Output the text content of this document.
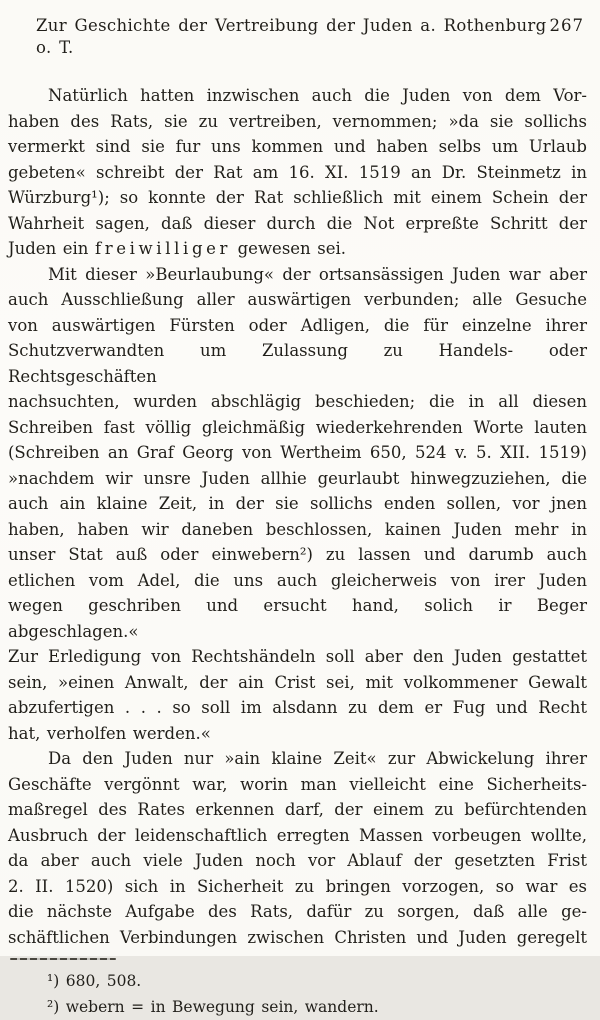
Zur Geschichte der Vertreibung der Juden a. Rothenburg o. T.
267
Natürlich hatten inzwischen auch die Juden von dem Vor-
haben des Rats, sie zu vertreiben, vernommen; »da sie sollichs
vermerkt sind sie fur uns kommen und haben selbs um Urlaub
gebeten« schreibt der Rat am 16. XI. 1519 an Dr. Steinmetz in
Würzburg¹); so konnte der Rat schließlich mit einem Schein der
Wahrheit sagen, daß dieser durch die Not erpreßte Schritt der
Juden ein freiwilliger gewesen sei.
Mit dieser »Beurlaubung« der ortsansässigen Juden war aber
auch Ausschließung aller auswärtigen verbunden; alle Gesuche
von auswärtigen Fürsten oder Adligen, die für einzelne ihrer
Schutzverwandten um Zulassung zu Handels- oder Rechtsgeschäften
nachsuchten, wurden abschlägig beschieden; die in all diesen
Schreiben fast völlig gleichmäßig wiederkehrenden Worte lauten
(Schreiben an Graf Georg von Wertheim 650, 524 v. 5. XII. 1519)
»nachdem wir unsre Juden allhie geurlaubt hinwegzuziehen, die
auch ain klaine Zeit, in der sie sollichs enden sollen, vor jnen
haben, haben wir daneben beschlossen, kainen Juden mehr in
unser Stat auß oder einwebern²) zu lassen und darumb auch
etlichen vom Adel, die uns auch gleicherweis von irer Juden
wegen geschriben und ersucht hand, solich ir Beger abgeschlagen.«
Zur Erledigung von Rechtshändeln soll aber den Juden gestattet
sein, »einen Anwalt, der ain Crist sei, mit volkommener Gewalt
abzufertigen . . . so soll im alsdann zu dem er Fug und Recht
hat, verholfen werden.«
Da den Juden nur »ain klaine Zeit« zur Abwickelung ihrer
Geschäfte vergönnt war, worin man vielleicht eine Sicherheits-
maßregel des Rates erkennen darf, der einem zu befürchtenden
Ausbruch der leidenschaftlich erregten Massen vorbeugen wollte,
da aber auch viele Juden noch vor Ablauf der gesetzten Frist
2. II. 1520) sich in Sicherheit zu bringen vorzogen, so war es
die nächste Aufgabe des Rats, dafür zu sorgen, daß alle ge-
schäftlichen Verbindungen zwischen Christen und Juden geregelt
¹) 680, 508.
²) webern = in Bewegung sein, wandern.
